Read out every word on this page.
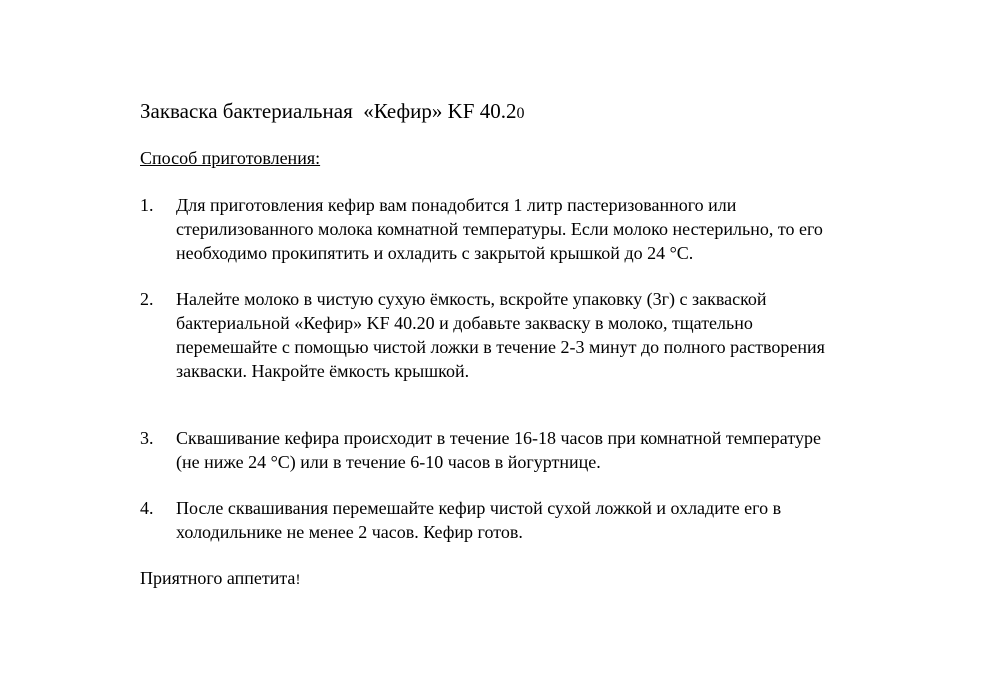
Закваска бактериальная  «Кефир» KF 40.20
Способ приготовления:
1. Для приготовления кефир вам понадобится 1 литр пастеризованного или
стерилизованного молока комнатной температуры. Если молоко нестерильно, то его
необходимо прокипятить и охладить с закрытой крышкой до 24 °С.
2. Налейте молоко в чистую сухую ёмкость, вскройте упаковку (3г) с закваской
бактериальной «Кефир» KF 40.20 и добавьте закваску в молоко, тщательно
перемешайте с помощью чистой ложки в течение 2-3 минут до полного растворения
закваски. Накройте ёмкость крышкой.
3. Сквашивание кефира происходит в течение 16-18 часов при комнатной температуре
(не ниже 24 °С) или в течение 6-10 часов в йогуртнице.
4. После сквашивания перемешайте кефир чистой сухой ложкой и охладите его в
холодильнике не менее 2 часов. Кефир готов.
Приятного аппетита!
